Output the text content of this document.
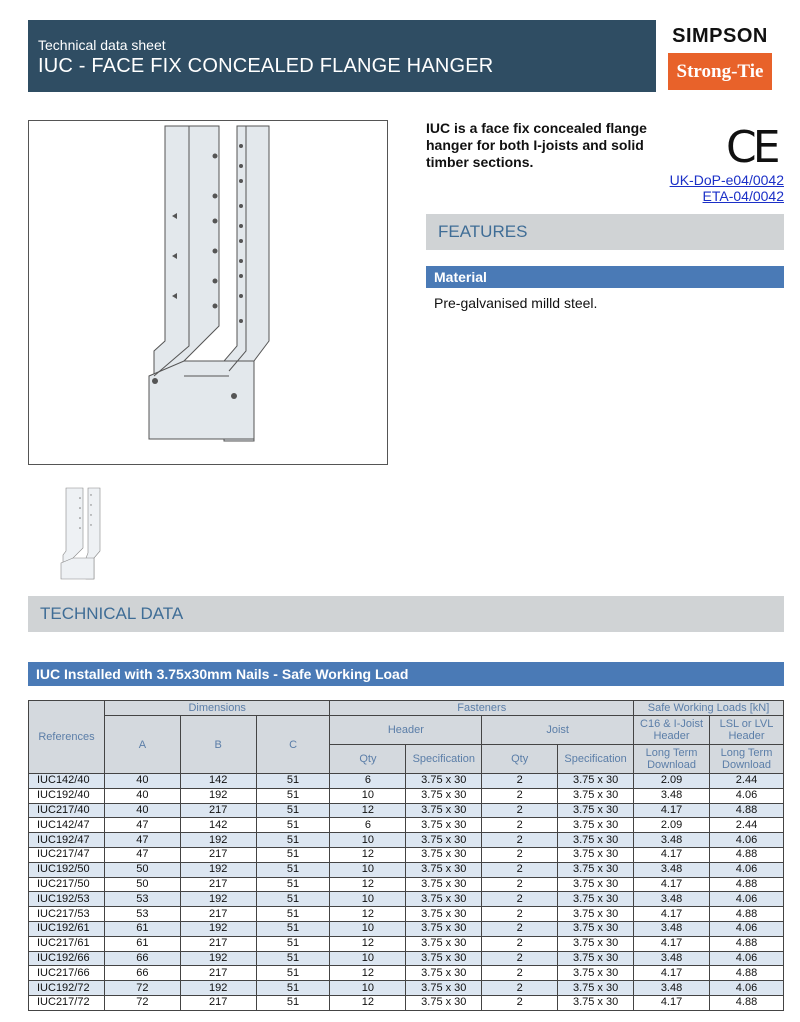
Technical data sheet
IUC - FACE FIX CONCEALED FLANGE HANGER
SIMPSON
Strong-Tie
IUC is a face fix concealed flange hanger for both I-joists and solid timber sections.	CE
UK-DoP-e04/0042
ETA-04/0042
FEATURES
Material
Pre-galvanised milld steel.
TECHNICAL DATA
IUC Installed with 3.75x30mm Nails - Safe Working Load
References	Dimensions			Fasteners				Safe Working Loads [kN]	
	A	B	C	Header		Joist		C16 & I-Joist Header	LSL or LVL Header
				Qty	Specification	Qty	Specification	Long Term Download	Long Term Download
IUC142/40	40	142	51	6	3.75 x 30	2	3.75 x 30	2.09	2.44
IUC192/40	40	192	51	10	3.75 x 30	2	3.75 x 30	3.48	4.06
IUC217/40	40	217	51	12	3.75 x 30	2	3.75 x 30	4.17	4.88
IUC142/47	47	142	51	6	3.75 x 30	2	3.75 x 30	2.09	2.44
IUC192/47	47	192	51	10	3.75 x 30	2	3.75 x 30	3.48	4.06
IUC217/47	47	217	51	12	3.75 x 30	2	3.75 x 30	4.17	4.88
IUC192/50	50	192	51	10	3.75 x 30	2	3.75 x 30	3.48	4.06
IUC217/50	50	217	51	12	3.75 x 30	2	3.75 x 30	4.17	4.88
IUC192/53	53	192	51	10	3.75 x 30	2	3.75 x 30	3.48	4.06
IUC217/53	53	217	51	12	3.75 x 30	2	3.75 x 30	4.17	4.88
IUC192/61	61	192	51	10	3.75 x 30	2	3.75 x 30	3.48	4.06
IUC217/61	61	217	51	12	3.75 x 30	2	3.75 x 30	4.17	4.88
IUC192/66	66	192	51	10	3.75 x 30	2	3.75 x 30	3.48	4.06
IUC217/66	66	217	51	12	3.75 x 30	2	3.75 x 30	4.17	4.88
IUC192/72	72	192	51	10	3.75 x 30	2	3.75 x 30	3.48	4.06
IUC217/72	72	217	51	12	3.75 x 30	2	3.75 x 30	4.17	4.88
